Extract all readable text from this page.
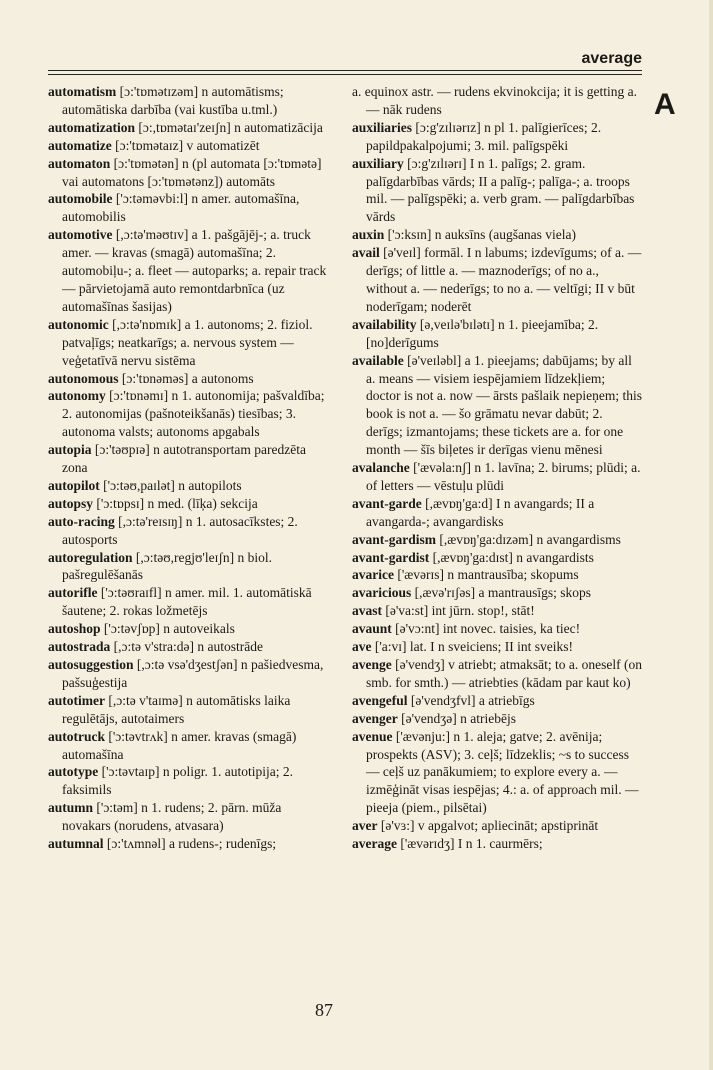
average
A

automatism [ɔ:'tɒmətɪzəm] n automātisms; automātiska darbība (vai kustība u.tml.)

automatization [ɔ:,tɒmətaɪ'zeɪʃn] n automatizācija

automatize [ɔ:'tɒmətaɪz] v automatizēt

automaton [ɔ:'tɒmətən] n (pl automata [ɔ:'tɒmətə] vai automatons [ɔ:'tɒmətənz]) automāts

automobile ['ɔ:təməvbi:l] n amer. automašīna, automobilis

automotive [,ɔ:tə'məʊtɪv] a 1. pašgājēj-; a. truck amer. — kravas (smagā) automašīna; 2. automobiļu-; a. fleet — autoparks; a. repair track — pārvietojamā auto remontdarbnīca (uz automašīnas šasijas)

autonomic [,ɔ:tə'nɒmɪk] a 1. autonoms; 2. fiziol. patvaļīgs; neatkarīgs; a. nervous system — veģetatīvā nervu sistēma

autonomous [ɔ:'tɒnəməs] a autonoms

autonomy [ɔ:'tɒnəmɪ] n 1. autonomija; pašvaldība; 2. autonomijas (pašnoteikšanās) tiesības; 3. autonoma valsts; autonoms apgabals

autopia [ɔ:'təʊpɪə] n autotransportam paredzēta zona

autopilot ['ɔ:təʊ,paɪlət] n autopilots

autopsy ['ɔ:tɒpsɪ] n med. (līķa) sekcija

auto-racing [,ɔ:tə'reɪsɪŋ] n 1. autosacīkstes; 2. autosports

autoregulation [,ɔ:təʊ,regjʊ'leɪʃn] n biol. pašregulēšanās

autorifle ['ɔ:təʊraɪfl] n amer. mil. 1. automātiskā šautene; 2. rokas ložmetējs

autoshop ['ɔ:təvʃɒp] n autoveikals

autostrada [,ɔ:tə v'stra:də] n autostrāde

autosuggestion [,ɔ:tə vsə'dʒestʃən] n pašiedvesma, pašsuģestija

autotimer [,ɔ:tə v'taɪmə] n automātisks laika regulētājs, autotaimers

autotruck ['ɔ:təvtrʌk] n amer. kravas (smagā) automašīna

autotype ['ɔ:təvtaɪp] n poligr. 1. autotipija; 2. faksimils

autumn ['ɔ:təm] n 1. rudens; 2. pārn. mūža novakars (norudens, atvasara)

autumnal [ɔ:'tʌmnəl] a rudens-; rudenīgs;

a. equinox astr. — rudens ekvinokcija; it is getting a. — nāk rudens

auxiliaries [ɔ:g'zɪlɪərɪz] n pl 1. palīgierīces; 2. papildpakalpojumi; 3. mil. palīgspēki

auxiliary [ɔ:g'zɪlɪərɪ] I n 1. palīgs; 2. gram. palīgdarbības vārds; II a palīg-; palīga-; a. troops mil. — palīgspēki; a. verb gram. — palīgdarbības vārds

auxin ['ɔ:ksɪn] n auksīns (augšanas viela)

avail [ə'veɪl] formāl. I n labums; izdevīgums; of a. — derīgs; of little a. — maznoderīgs; of no a., without a. — nederīgs; to no a. — veltīgi; II v būt noderīgam; noderēt

availability [ə,veɪlə'bɪlətɪ] n 1. pieejamība; 2. [no]derīgums

available [ə'veɪləbl] a 1. pieejams; dabūjams; by all a. means — visiem iespējamiem līdzekļiem; doctor is not a. now — ārsts pašlaik nepieņem; this book is not a. — šo grāmatu nevar dabūt; 2. derīgs; izmantojams; these tickets are a. for one month — šīs biļetes ir derīgas vienu mēnesi

avalanche ['ævəla:nʃ] n 1. lavīna; 2. birums; plūdi; a. of letters — vēstuļu plūdi

avant-garde [,ævɒŋ'ga:d] I n avangards; II a avangarda-; avangardisks

avant-gardism [,ævɒŋ'ga:dɪzəm] n avangardisms

avant-gardist [,ævɒŋ'ga:dɪst] n avangardists

avarice ['ævərɪs] n mantrausība; skopums

avaricious [,ævə'rɪʃəs] a mantrausīgs; skops

avast [ə'va:st] int jūrn. stop!, stāt!

avaunt [ə'vɔ:nt] int novec. taisies, ka tiec!

ave ['a:vɪ] lat. I n sveiciens; II int sveiks!

avenge [ə'vendʒ] v atriebt; atmaksāt; to a. oneself (on smb. for smth.) — atriebties (kādam par kaut ko)

avengeful [ə'vendʒfvl] a atriebīgs

avenger [ə'vendʒə] n atriebējs

avenue ['ævənju:] n 1. aleja; gatve; 2. avēnija; prospekts (ASV); 3. ceļš; līdzeklis; ~s to success — ceļš uz panākumiem; to explore every a. — izmēģināt visas iespējas; 4.: a. of approach mil. — pieeja (piem., pilsētai)

aver [ə'vɜ:] v apgalvot; apliecināt; apstiprināt

average ['ævərɪdʒ] I n 1. caurmērs;

87
